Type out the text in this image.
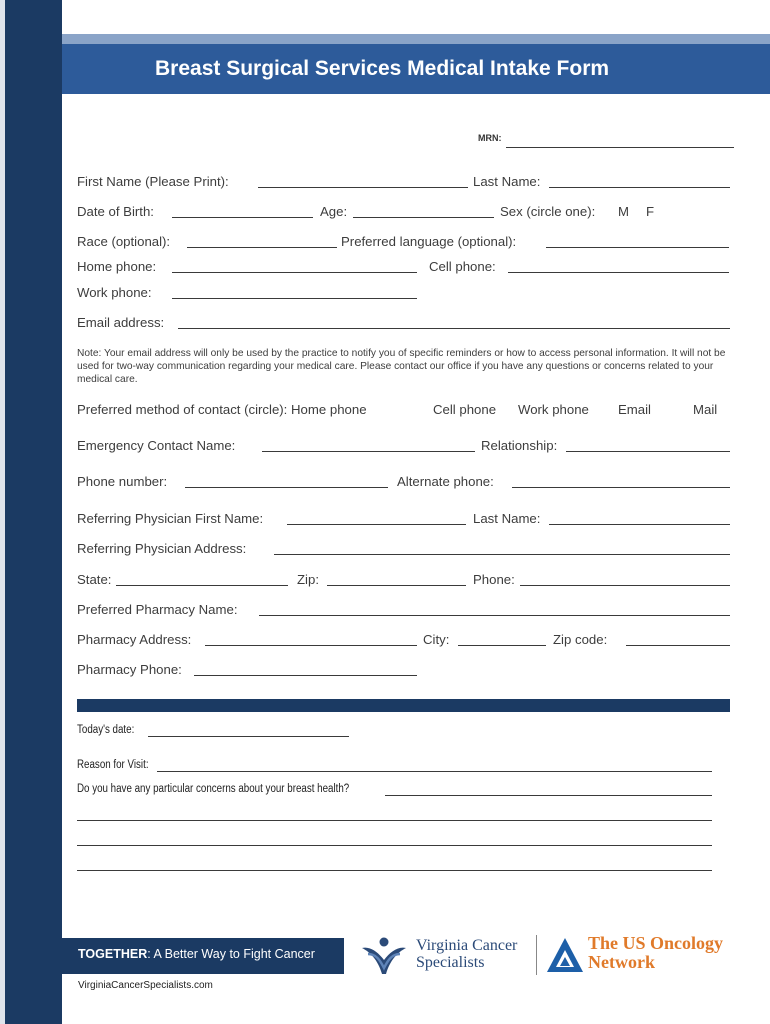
Breast Surgical Services Medical Intake Form
MRN:
First Name (Please Print):	Last Name:
Date of Birth:	Age:	Sex (circle one): M F
Race (optional):	Preferred language (optional):
Home phone:	Cell phone:
Work phone:
Email address:
Note: Your email address will only be used by the practice to notify you of specific reminders or how to access personal information. It will not be used for two-way communication regarding your medical care. Please contact our office if you have any questions or concerns related to your medical care.
Preferred method of contact (circle): Home phone	Cell phone Work phone Email	Mail
Emergency Contact Name:	Relationship:
Phone number:	Alternate phone:
Referring Physician First Name:	Last Name:
Referring Physician Address:
State:	Zip:	Phone:
Preferred Pharmacy Name:
Pharmacy Address:	City:	Zip code:
Pharmacy Phone:
Today's date:
Reason for Visit:
Do you have any particular concerns about your breast health?
TOGETHER: A Better Way to Fight Cancer
VirginiaCancerSpecialists.com
Virginia Cancer
Specialists
The US Oncology
Network
